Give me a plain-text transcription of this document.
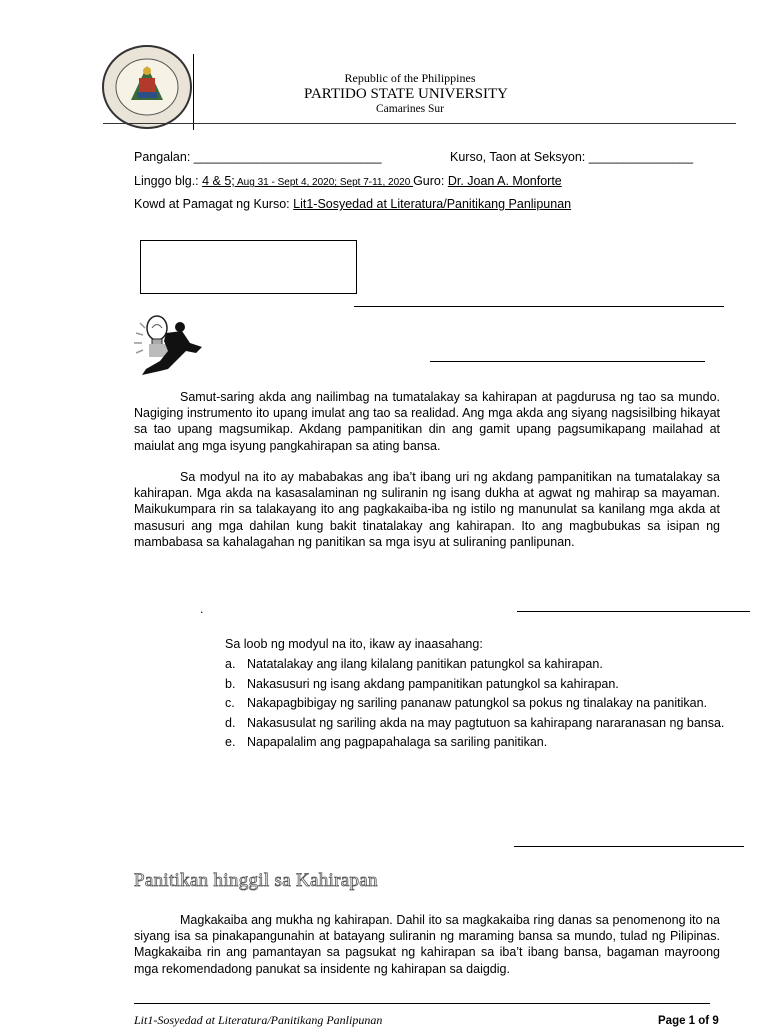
Republic of the Philippines
PARTIDO STATE UNIVERSITY
Camarines Sur
Pangalan: ___________________________	Kurso, Taon at Seksyon: _______________
Linggo blg.: 4 & 5; Aug 31 - Sept 4, 2020; Sept 7-11, 2020 Guro: Dr. Joan A. Monforte
Kowd at Pamagat ng Kurso: Lit1-Sosyedad at Literatura/Panitikang Panlipunan
Samut-saring akda ang nailimbag na tumatalakay sa kahirapan at pagdurusa ng tao sa mundo. Nagiging instrumento ito upang imulat ang tao sa realidad. Ang mga akda ang siyang nagsisilbing hikayat sa tao upang magsumikap. Akdang pampanitikan din ang gamit upang pagsumikapang mailahad at maiulat ang mga isyung pangkahirapan sa ating bansa.
Sa modyul na ito ay mababakas ang iba’t ibang uri ng akdang pampanitikan na tumatalakay sa kahirapan. Mga akda na kasasalaminan ng suliranin ng isang dukha at agwat ng mahirap sa mayaman. Maikukumpara rin sa talakayang ito ang pagkakaiba-iba ng istilo ng manunulat sa kanilang mga akda at masusuri ang mga dahilan kung bakit tinatalakay ang kahirapan. Ito ang magbubukas sa isipan ng mambabasa sa kahalagahan ng panitikan sa mga isyu at suliraning panlipunan.
.
Sa loob ng modyul na ito, ikaw ay inaasahang:
a. Natatalakay ang ilang kilalang panitikan patungkol sa kahirapan.
b. Nakasusuri ng isang akdang pampanitikan patungkol sa kahirapan.
c. Nakapagbibigay ng sariling pananaw patungkol sa pokus ng tinalakay na panitikan.
d. Nakasusulat ng sariling akda na may pagtutuon sa kahirapang nararanasan ng bansa.
e. Napapalalim ang pagpapahalaga sa sariling panitikan.
Panitikan hinggil sa Kahirapan
Magkakaiba ang mukha ng kahirapan. Dahil ito sa magkakaiba ring danas sa penomenong ito na siyang isa sa pinakapangunahin at batayang suliranin ng maraming bansa sa mundo, tulad ng Pilipinas. Magkakaiba rin ang pamantayan sa pagsukat ng kahirapan sa iba’t ibang bansa, bagaman mayroong mga rekomendadong panukat sa insidente ng kahirapan sa daigdig.
Lit1-Sosyedad at Literatura/Panitikang Panlipunan	Page 1 of 9
